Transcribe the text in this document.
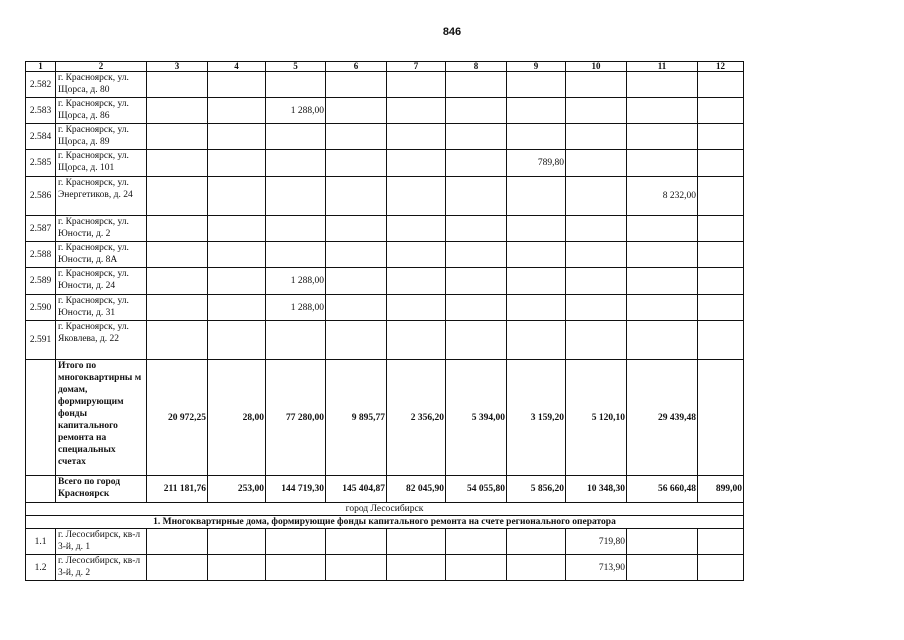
846
1	2	3	4	5	6	7	8	9	10	11	12
2.582	г. Красноярск, ул. Щорса, д. 80										
2.583	г. Красноярск, ул. Щорса, д. 86			1 288,00							
2.584	г. Красноярск, ул. Щорса, д. 89										
2.585	г. Красноярск, ул. Щорса, д. 101							789,80			
2.586	г. Красноярск, ул. Энергетиков, д. 24									8 232,00	
2.587	г. Красноярск, ул. Юности, д. 2										
2.588	г. Красноярск, ул. Юности, д. 8А										
2.589	г. Красноярск, ул. Юности, д. 24			1 288,00							
2.590	г. Красноярск, ул. Юности, д. 31			1 288,00							
2.591	г. Красноярск, ул. Яковлева, д. 22										
	Итого по многоквартирны м домам, формирующим фонды капитального ремонта на специальных счетах	20 972,25	28,00	77 280,00	9 895,77	2 356,20	5 394,00	3 159,20	5 120,10	29 439,48	
	Всего по город Красноярск	211 181,76	253,00	144 719,30	145 404,87	82 045,90	54 055,80	5 856,20	10 348,30	56 660,48	899,00
город Лесосибирск											
1. Многоквартирные дома, формирующие фонды капитального ремонта на счете регионального оператора											
1.1	г. Лесосибирск, кв-л 3-й, д. 1								719,80		
1.2	г. Лесосибирск, кв-л 3-й, д. 2								713,90		
